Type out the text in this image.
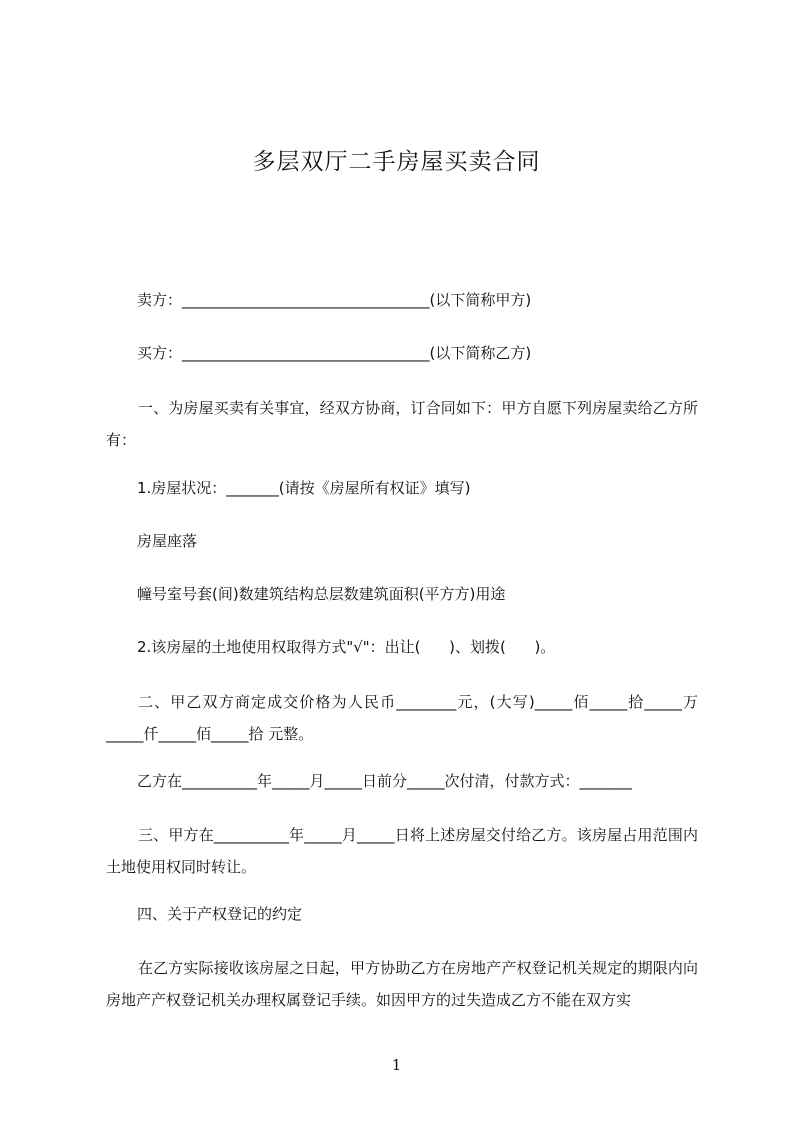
多层双厅二手房屋买卖合同
卖方：_________________________________(以下简称甲方)
买方：_________________________________(以下简称乙方)
一、为房屋买卖有关事宜，经双方协商，订合同如下：甲方自愿下列房屋卖给乙方所有：
1.房屋状况：_______(请按《房屋所有权证》填写)
房屋座落
幢号室号套(间)数建筑结构总层数建筑面积(平方方)用途
2.该房屋的土地使用权取得方式"√"：出让(      )、划拨(      )。
二、甲乙双方商定成交价格为人民币________元，(大写)_____佰_____拾_____万_____仟_____佰_____拾 元整。
乙方在__________年_____月_____日前分_____次付清，付款方式：_______
三、甲方在__________年_____月_____日将上述房屋交付给乙方。该房屋占用范围内土地使用权同时转让。
四、关于产权登记的约定
在乙方实际接收该房屋之日起，甲方协助乙方在房地产产权登记机关规定的期限内向房地产产权登记机关办理权属登记手续。如因甲方的过失造成乙方不能在双方实
1
